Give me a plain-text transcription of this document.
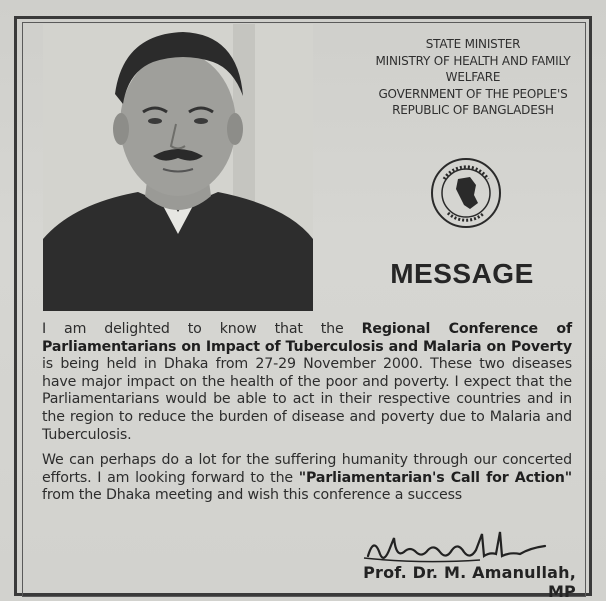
STATE MINISTER
MINISTRY OF HEALTH AND FAMILY
WELFARE
GOVERNMENT OF THE PEOPLE'S
REPUBLIC OF BANGLADESH
MESSAGE

I am delighted to know that the Regional Conference of Parliamentarians on Impact of Tuberculosis and Malaria on Poverty is being held in Dhaka from 27-29 November 2000. These two diseases have major impact on the health of the poor and poverty. I expect that the Parliamentarians would be able to act in their respective countries and in the region to reduce the burden of disease and poverty due to Malaria and Tuberculosis.

We can perhaps do a lot for the suffering humanity through our concerted efforts. I am looking forward to the "Parliamentarian's Call for Action" from the Dhaka meeting and wish this conference a success

Prof. Dr. M. Amanullah, MP
